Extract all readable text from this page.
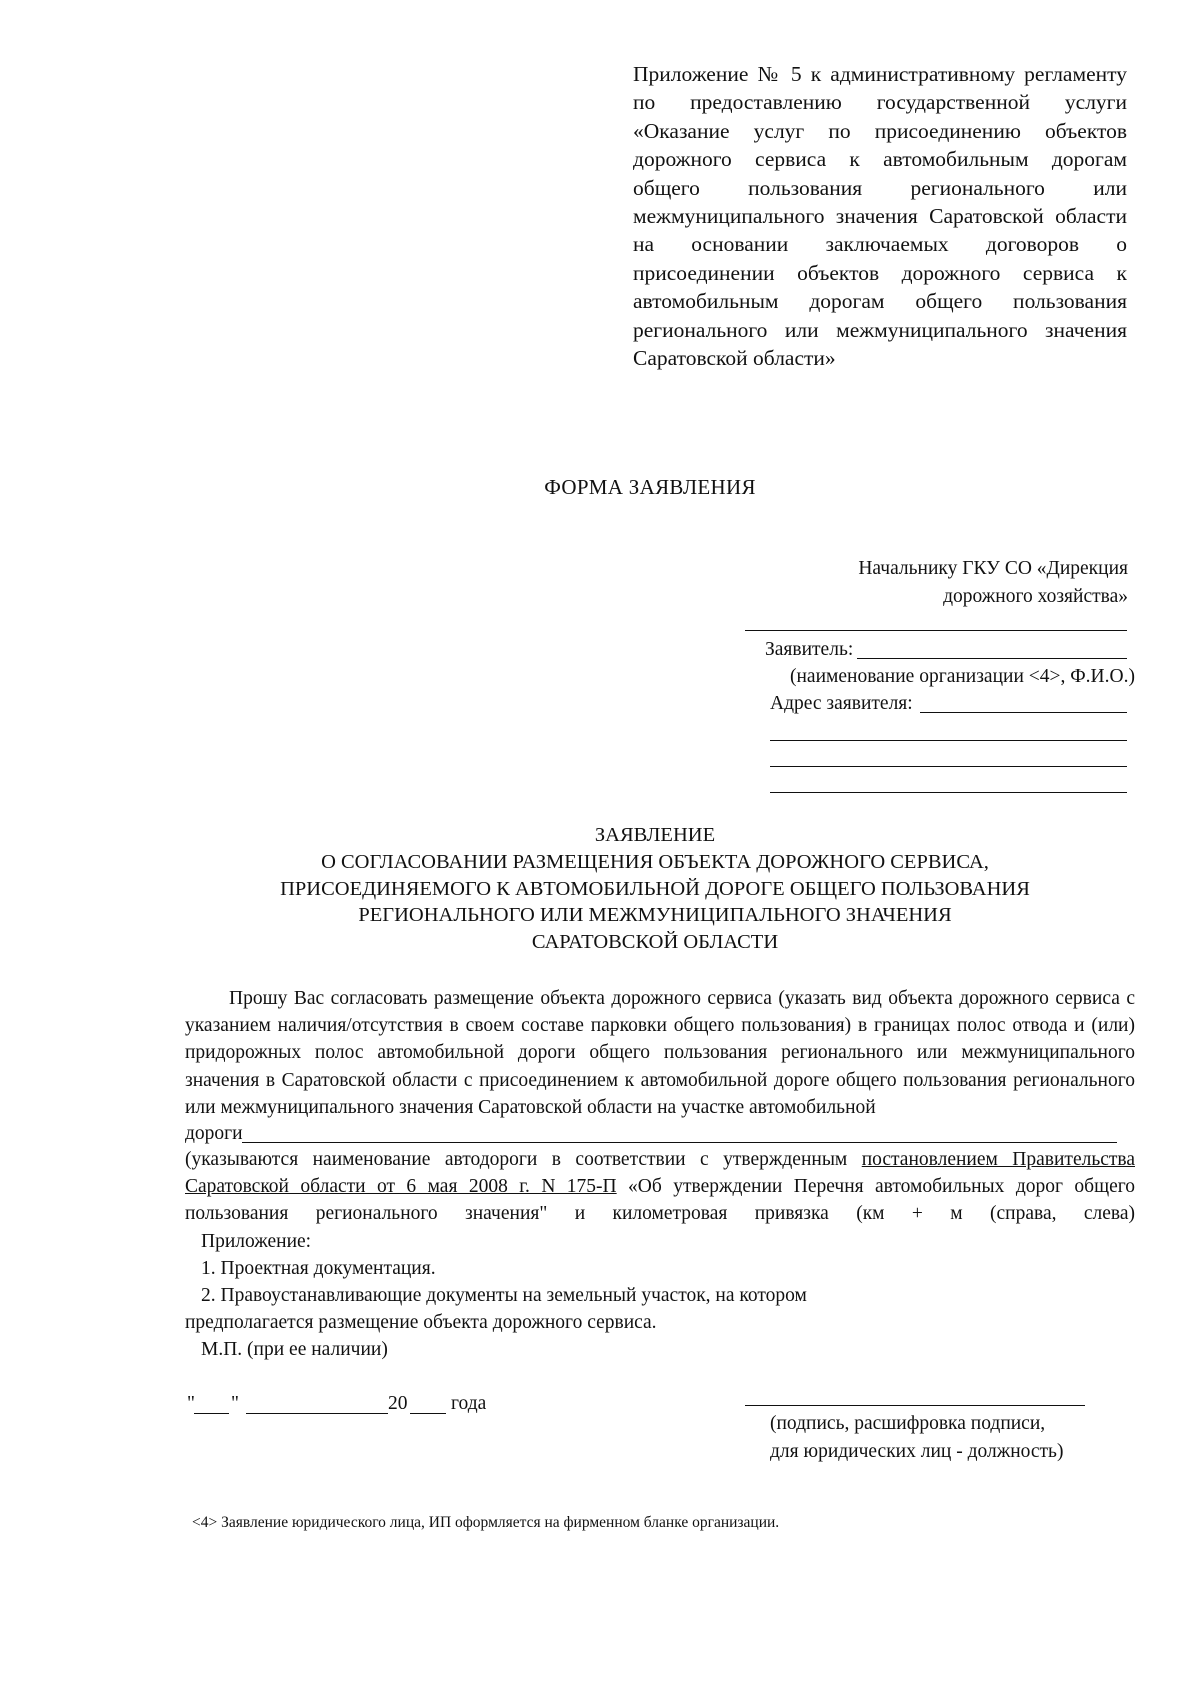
Приложение № 5 к административному регламенту по предоставлению государственной услуги «Оказание услуг по присоединению объектов дорожного сервиса к автомобильным дорогам общего пользования регионального или межмуниципального значения Саратовской области на основании заключаемых договоров о присоединении объектов дорожного сервиса к автомобильным дорогам общего пользования регионального или межмуниципального значения Саратовской области»
ФОРМА ЗАЯВЛЕНИЯ
Начальнику ГКУ СО «Дирекция
дорожного хозяйства»
Заявитель:
(наименование организации <4>, Ф.И.О.)
Адрес заявителя:
ЗАЯВЛЕНИЕ
О СОГЛАСОВАНИИ РАЗМЕЩЕНИЯ ОБЪЕКТА ДОРОЖНОГО СЕРВИСА,
ПРИСОЕДИНЯЕМОГО К АВТОМОБИЛЬНОЙ ДОРОГЕ ОБЩЕГО ПОЛЬЗОВАНИЯ
РЕГИОНАЛЬНОГО ИЛИ МЕЖМУНИЦИПАЛЬНОГО ЗНАЧЕНИЯ
САРАТОВСКОЙ ОБЛАСТИ
Прошу Вас согласовать размещение объекта дорожного сервиса (указать вид объекта дорожного сервиса с указанием наличия/отсутствия в своем составе парковки общего пользования) в границах полос отвода и (или) придорожных полос автомобильной дороги общего пользования регионального или межмуниципального значения в Саратовской области с присоединением к автомобильной дороге общего пользования регионального или межмуниципального значения Саратовской области на участке автомобильной
дороги
(указываются наименование автодороги в соответствии с утвержденным постановлением Правительства Саратовской области от 6 мая 2008 г. N 175-П «Об утверждении Перечня автомобильных дорог общего пользования регионального значения" и километровая привязка (км + м (справа, слева)
Приложение:
1. Проектная документация.
2. Правоустанавливающие документы на земельный участок, на котором
предполагается размещение объекта дорожного сервиса.
М.П. (при ее наличии)
" "	20 года
(подпись, расшифровка подписи,
для юридических лиц - должность)
<4> Заявление юридического лица, ИП оформляется на фирменном бланке организации.
